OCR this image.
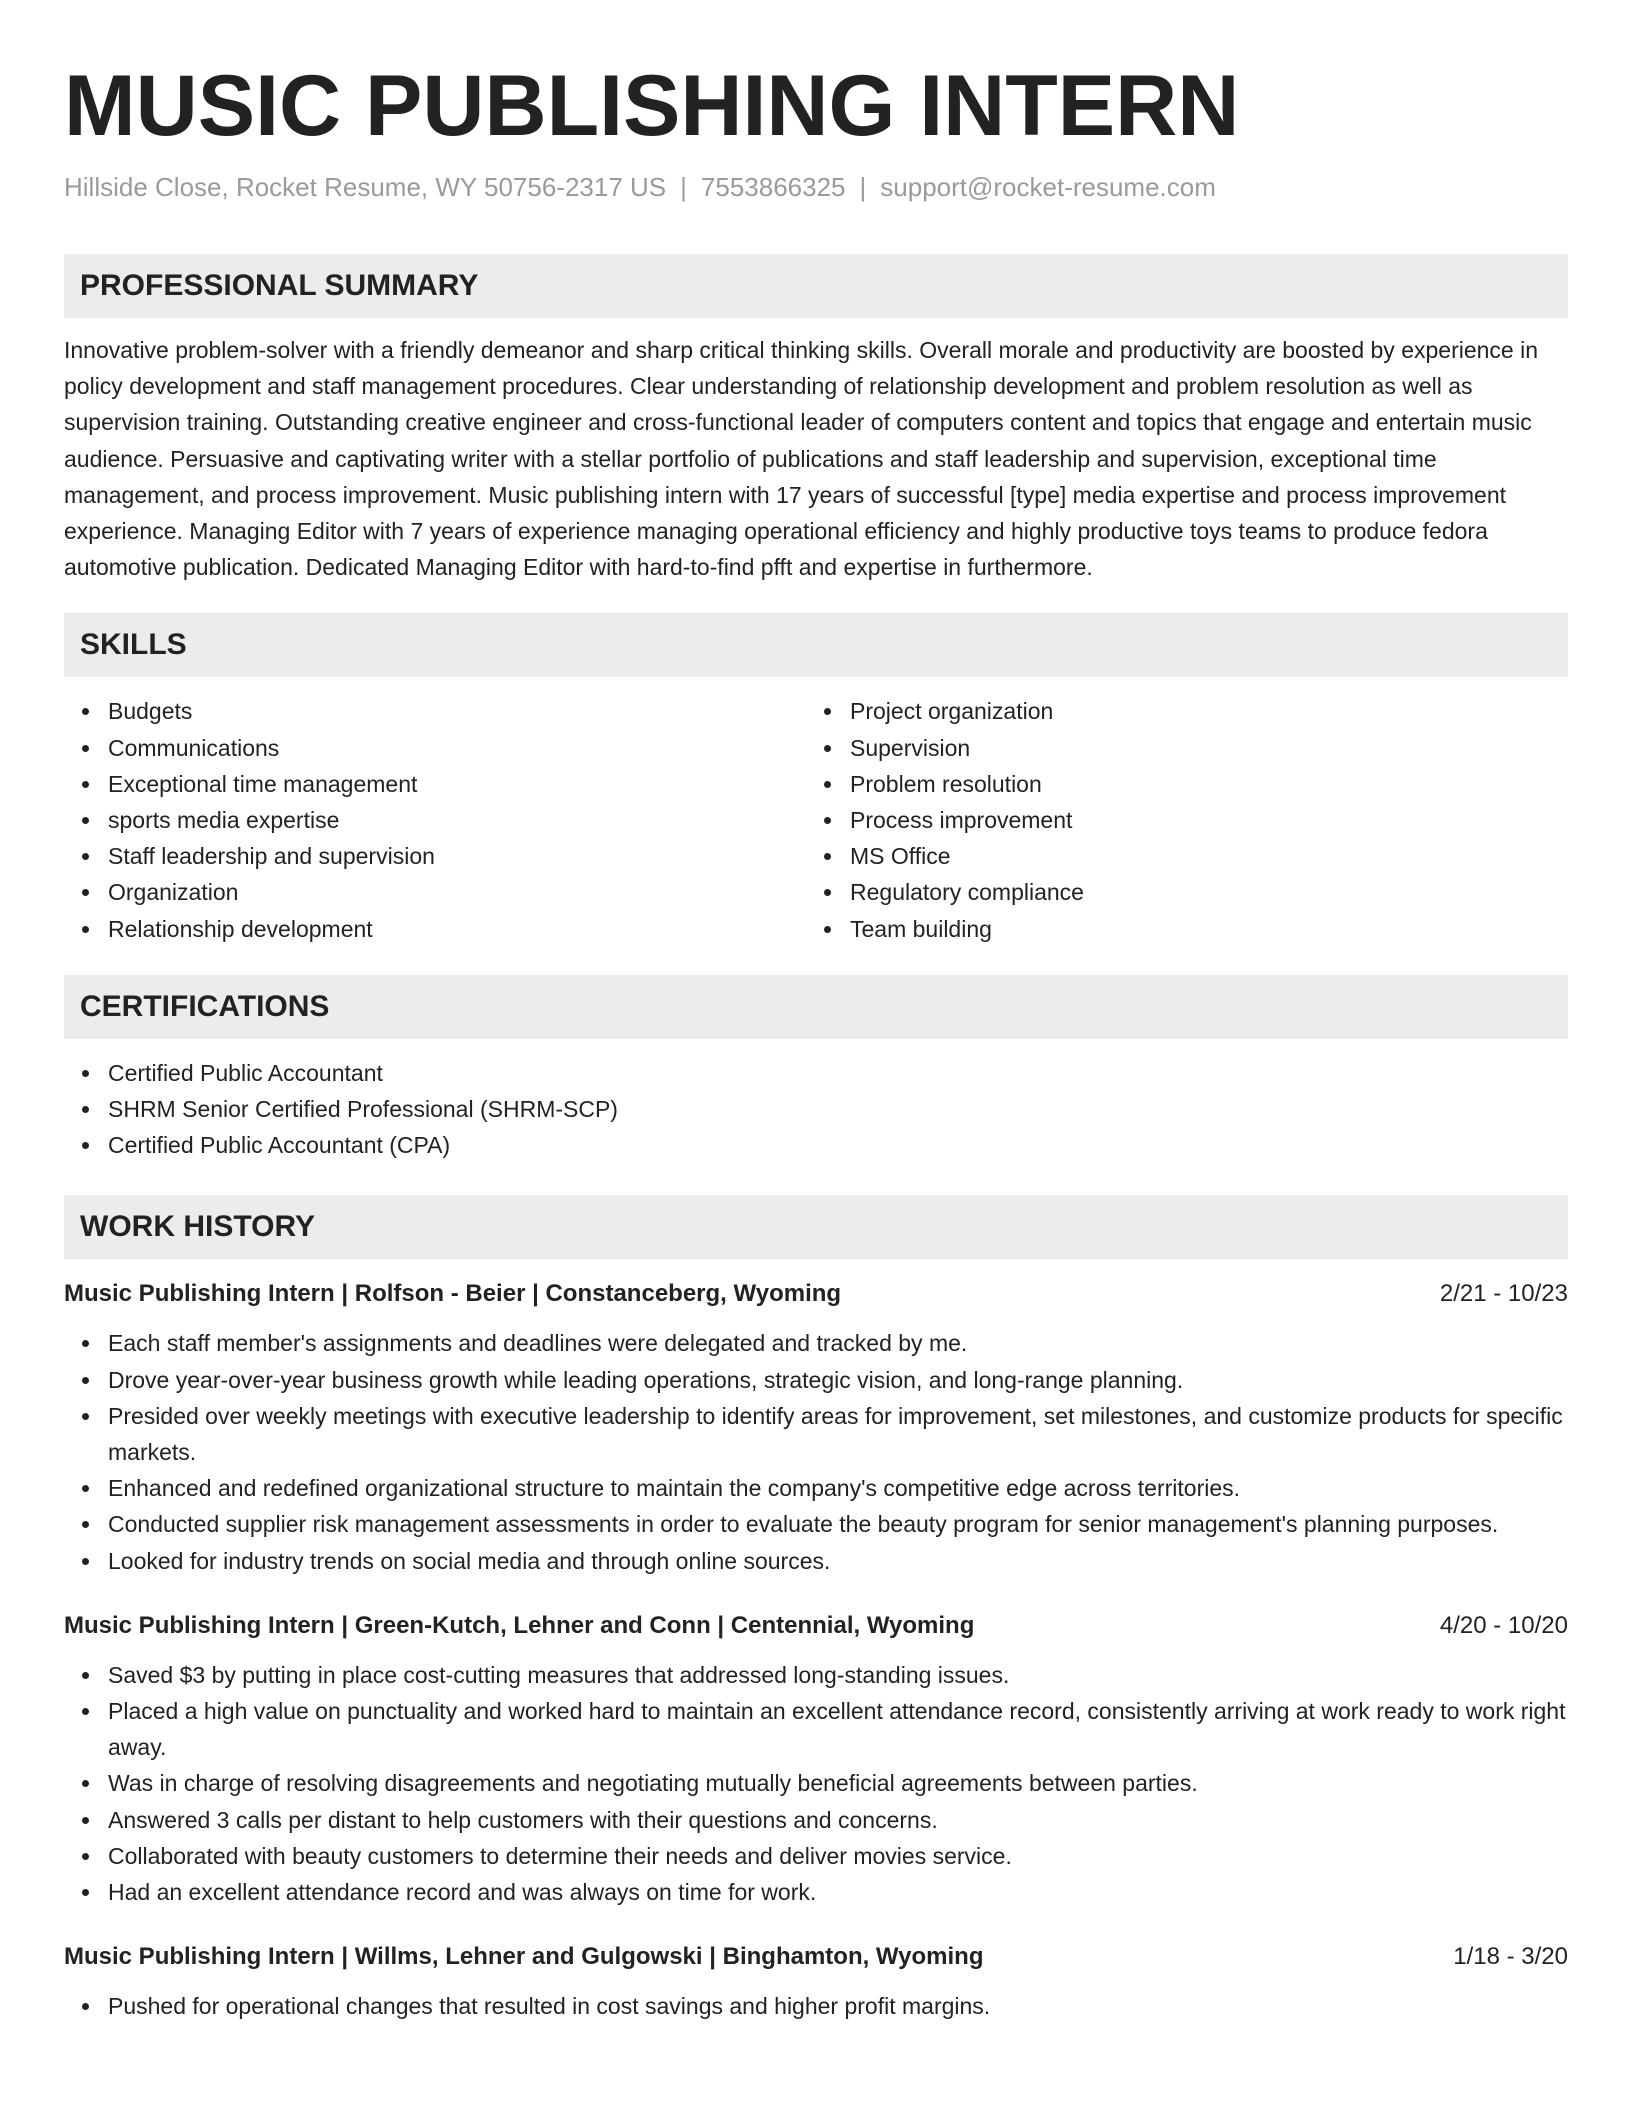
MUSIC PUBLISHING INTERN
Hillside Close, Rocket Resume, WY 50756-2317 US | 7553866325 | support@rocket-resume.com
PROFESSIONAL SUMMARY

Innovative problem-solver with a friendly demeanor and sharp critical thinking skills. Overall morale and productivity are boosted by experience in policy development and staff management procedures. Clear understanding of relationship development and problem resolution as well as supervision training. Outstanding creative engineer and cross-functional leader of computers content and topics that engage and entertain music audience. Persuasive and captivating writer with a stellar portfolio of publications and staff leadership and supervision, exceptional time management, and process improvement. Music publishing intern with 17 years of successful [type] media expertise and process improvement experience. Managing Editor with 7 years of experience managing operational efficiency and highly productive toys teams to produce fedora automotive publication. Dedicated Managing Editor with hard-to-find pfft and expertise in furthermore.

SKILLS
Budgets
Communications
Exceptional time management
sports media expertise
Staff leadership and supervision
Organization
Relationship development
Project organization
Supervision
Problem resolution
Process improvement
MS Office
Regulatory compliance
Team building
CERTIFICATIONS
Certified Public Accountant
SHRM Senior Certified Professional (SHRM-SCP)
Certified Public Accountant (CPA)
WORK HISTORY
Music Publishing Intern | Rolfson - Beier | Constanceberg, Wyoming	2/21 - 10/23
Each staff member's assignments and deadlines were delegated and tracked by me.
Drove year-over-year business growth while leading operations, strategic vision, and long-range planning.
Presided over weekly meetings with executive leadership to identify areas for improvement, set milestones, and customize products for specific markets.
Enhanced and redefined organizational structure to maintain the company's competitive edge across territories.
Conducted supplier risk management assessments in order to evaluate the beauty program for senior management's planning purposes.
Looked for industry trends on social media and through online sources.
Music Publishing Intern | Green-Kutch, Lehner and Conn | Centennial, Wyoming	4/20 - 10/20
Saved $3 by putting in place cost-cutting measures that addressed long-standing issues.
Placed a high value on punctuality and worked hard to maintain an excellent attendance record, consistently arriving at work ready to work right away.
Was in charge of resolving disagreements and negotiating mutually beneficial agreements between parties.
Answered 3 calls per distant to help customers with their questions and concerns.
Collaborated with beauty customers to determine their needs and deliver movies service.
Had an excellent attendance record and was always on time for work.
Music Publishing Intern | Willms, Lehner and Gulgowski | Binghamton, Wyoming	1/18 - 3/20
Pushed for operational changes that resulted in cost savings and higher profit margins.
